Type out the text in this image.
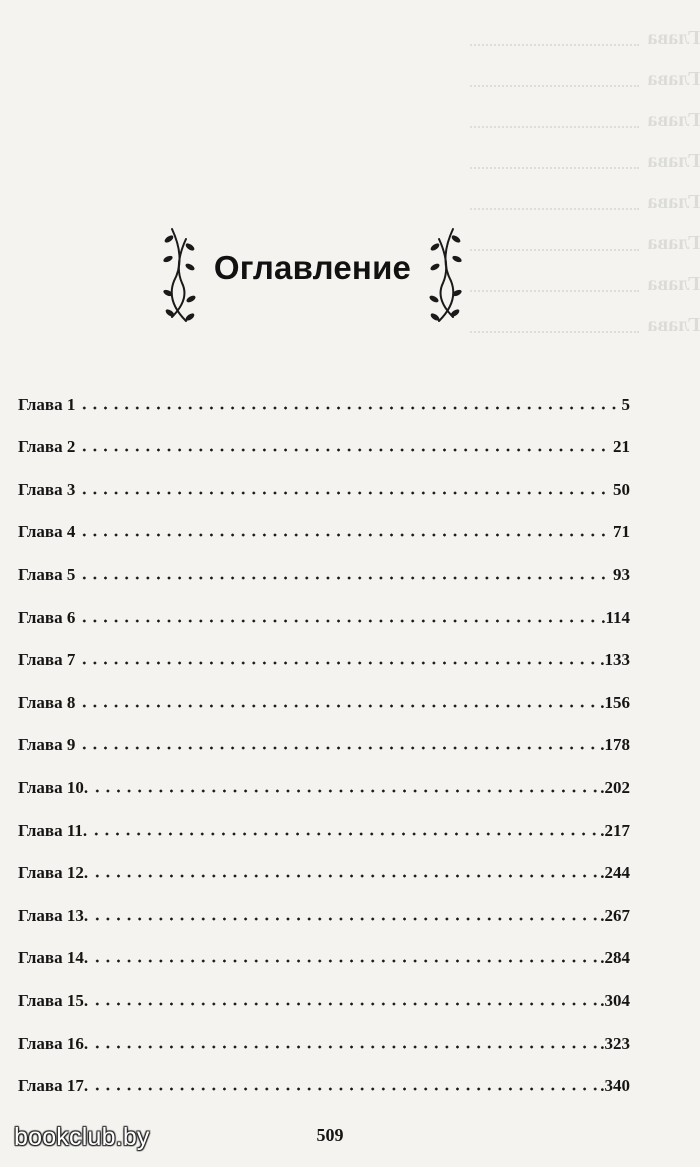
Глава
Глава
Глава
Глава
Глава
Глава
Глава
Глава
Оглавление
Глава 1	5
Глава 2	21
Глава 3	50
Глава 4	71
Глава 5	93
Глава 6	.114
Глава 7	.133
Глава 8	.156
Глава 9	.178
Глава 10.	.202
Глава 11.	.217
Глава 12.	.244
Глава 13.	.267
Глава 14.	.284
Глава 15.	.304
Глава 16.	.323
Глава 17.	.340
509
bookclub.by
